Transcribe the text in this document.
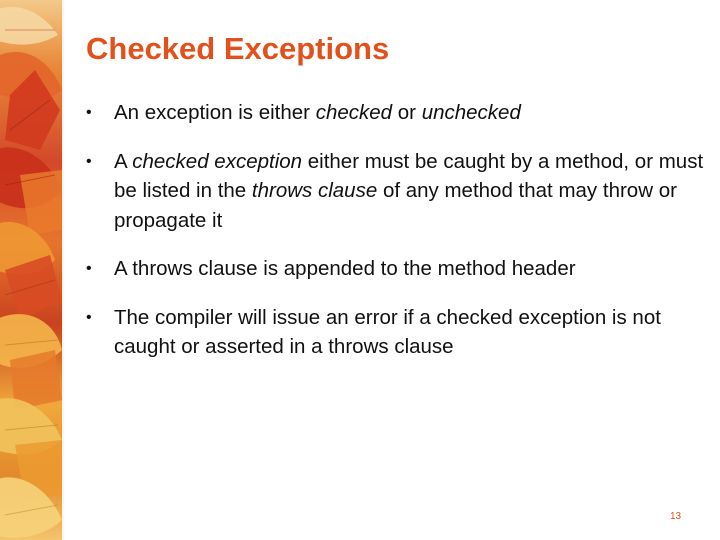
Checked Exceptions
• An exception is either checked or unchecked
• A checked exception either must be caught by a method, or must be listed in the throws clause of any method that may throw or propagate it
• A throws clause is appended to the method header
• The compiler will issue an error if a checked exception is not caught or asserted in a throws clause
13
